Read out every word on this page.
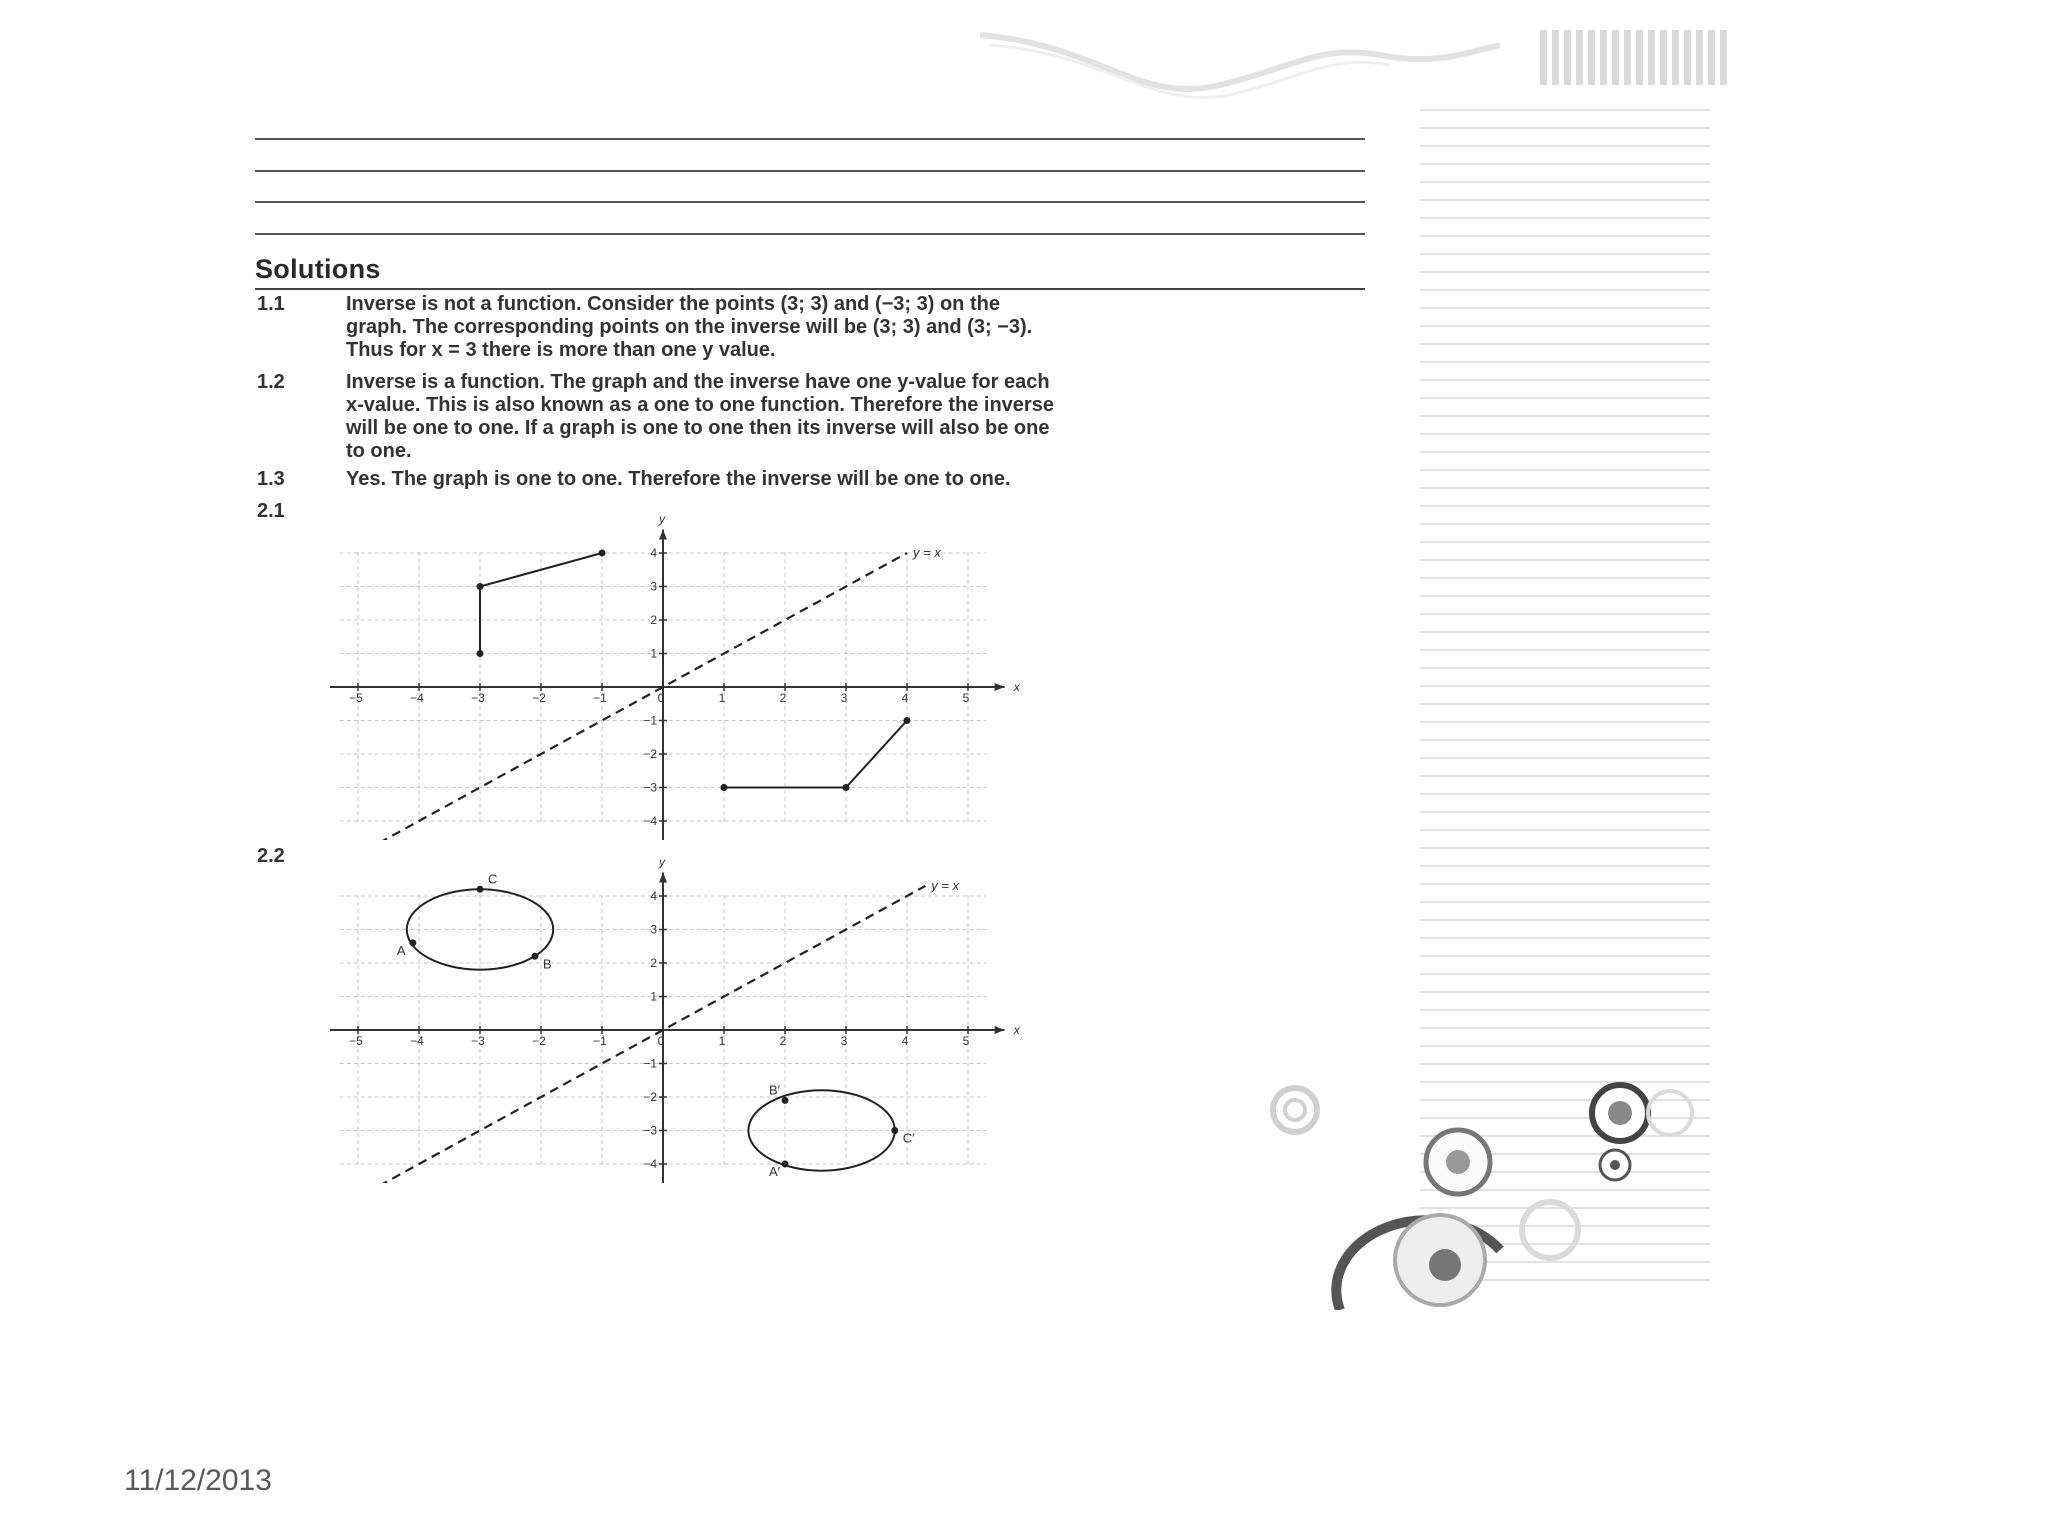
Solutions
1.1	Inverse is not a function. Consider the points (3; 3) and (−3; 3) on the
graph. The corresponding points on the inverse will be (3; 3) and (3; −3).
Thus for x = 3 there is more than one y value.
1.2	Inverse is a function. The graph and the inverse have one y-value for each
x-value. This is also known as a one to one function. Therefore the inverse
will be one to one. If a graph is one to one then its inverse will also be one
to one.
1.3	Yes. The graph is one to one. Therefore the inverse will be one to one.
2.1
2.2
x
y
−5	−4	−3	−2	−1	0	1	2	3	4	5
−4
−3
−2
−1
1
2
3
4	y = x
x
y
−5	−4	−3	−2	−1	0	1	2	3	4	5
−4
−3
−2
−1
1
2
3
4
y = x
A
B
C
A′
B′
C′
11/12/2013
